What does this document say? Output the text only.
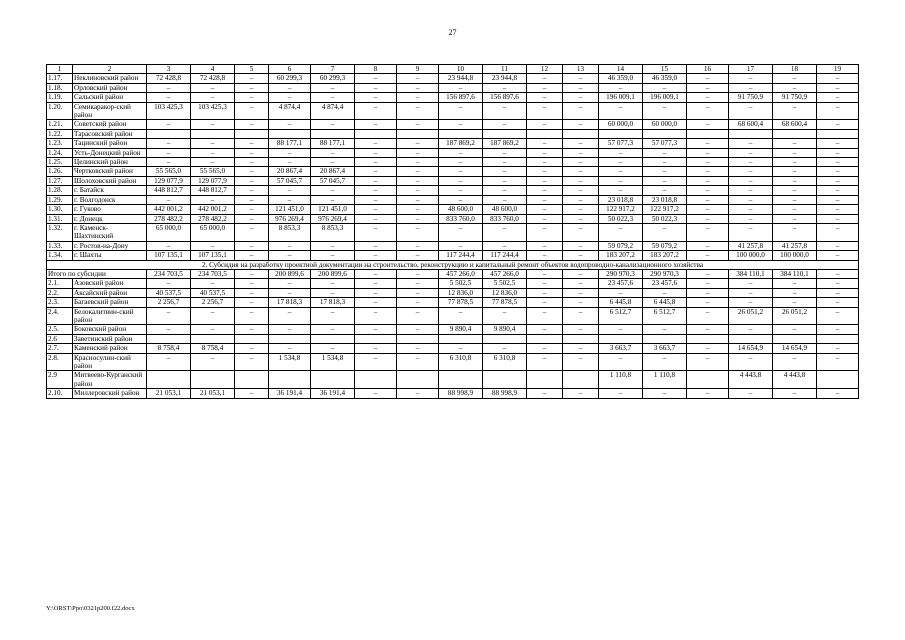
27
1	2	3	4	5	6	7	8	9	10	11	12	13	14	15	16	17	18	19
1.17.	Неклиновский район	72 428,8	72 428,8	–	60 299,3	60 299,3	–	–	23 944,8	23 944,8	–	–	46 359,0	46 359,0	–	–	–	–
1.18.	Орловский район	–	–	–	–	–	–	–	–	–	–	–	–	–	–	–	–	–
1.19.	Сальский район	–	–	–	–	–	–	–	156 897,6	156 897,6	–	–	196 009,1	196 009,1	–	91 750,9	91 750,9	–
1.20.	Семикаракор-ский район	103 425,3	103 425,3	–	4 874,4	4 874,4	–	–	–	–	–	–	–	–	–	–	–	–
1.21.	Советский район	–	–	–	–	–	–	–	–	–	–	–	60 000,0	60 000,0	–	68 600,4	68 600,4	–
1.22.	Тарасовский район																	
1.23.	Тацинский район	–	–	–	88 177,1	88 177,1	–	–	187 869,2	187 869,2	–	–	57 077,3	57 077,3	–	–	–	–
1.24.	Усть-Донецкий район	–	–	–	–	–	–	–	–	–	–	–	–	–	–	–	–	–
1.25.	Целинский район	–	–	–	–	–	–	–	–	–	–	–	–	–	–	–	–	–
1.26.	Чертковский район	55 565,0	55 565,0	–	20 867,4	20 867,4	–	–	–	–	–	–	–	–	–	–	–	–
1.27.	Шолоховский район	129 077,9	129 077,9	–	57 045,7	57 045,7	–	–	–	–	–	–	–	–	–	–	–	–
1.28.	г. Батайск	448 812,7	448 812,7	–	–	–	–	–	–	–	–	–	–	–	–	–	–	–
1.29.	г. Волгодонск	–	–	–	–	–	–	–	–	–	–	–	23 018,8	23 018,8	–	–	–	–
1.30.	г. Гуково	442 001,2	442 001,2	–	121 451,0	121 451,0	–	–	48 600,0	48 600,0	–	–	122 917,2	122 917,2	–	–	–	–
1.31.	г. Донецк	278 482,2	278 482,2	–	976 269,4	976 269,4	–	–	833 760,0	833 760,0	–	–	50 022,3	50 022,3	–	–	–	–
1.32.	г. Каменск-Шахтинский	65 000,0	65 000,0	–	8 853,3	8 853,3	–	–	–	–	–	–	–	–	–	–	–	–
1.33.	г. Ростов-на-Дону	–	–	–	–	–	–	–	–	–	–	–	59 079,2	59 079,2	–	41 257,8	41 257,8	–
1.34.	г. Шахты	107 135,1	107 135,1	–	–	–	–	–	117 244,4	117 244,4	–	–	183 207,2	183 207,2	–	100 000,0	100 000,0	–
2. Субсидия на разработку проектной документации на строительство, реконструкцию и капитальный ремонт объектов водопроводно-канализационного хозяйства																		
Итого по субсидии		234 703,5	234 703,5	–	200 899,6	200 899,6	–	–	457 266,0	457 266,0	–	–	290 970,3	290 970,3	–	384 110,1	384 110,1	–
2.1.	Азовский район	–	–	–	–	–	–	–	5 502,5	5 502,5	–	–	23 457,6	23 457,6	–	–	–	–
2.2.	Аксайский район	40 537,5	40 537,5	–	–	–	–	–	12 836,0	12 836,0	–	–	–	–	–	–	–	–
2.3.	Багаевский район	2 256,7	2 256,7	–	17 818,3	17 818,3	–	–	77 878,5	77 878,5	–	–	6 445,8	6 445,8	–	–	–	–
2.4.	Белокалитвин-ский район	–	–	–	–	–	–	–	–	–	–	–	6 512,7	6 512,7	–	26 051,2	26 051,2	–
2.5.	Боковский район	–	–	–	–	–	–	–	9 890,4	9 890,4	–	–	–	–	–	–	–	–
2.6	Заветинский район																	
2.7.	Каменский район	8 758,4	8 758,4	–	–	–	–	–	–	–	–	–	3 663,7	3 663,7	–	14 654,9	14 654,9	–
2.8.	Красносулин-ский район	–	–	–	1 534,8	1 534,8	–	–	6 310,8	6 310,8	–	–	–	–	–	–	–	–
2.9	Митвеево-Курганский район												1 110,8	1 110,8		4 443,8	4 443,8	
2.10.	Миллеровский район	21 053,1	21 053,1	–	36 191,4	36 191,4	–	–	88 998,9	88 998,9	–	–	–	–	–	–	–	–
Y:\ORST\Ppo\0321p200.f22.docx
